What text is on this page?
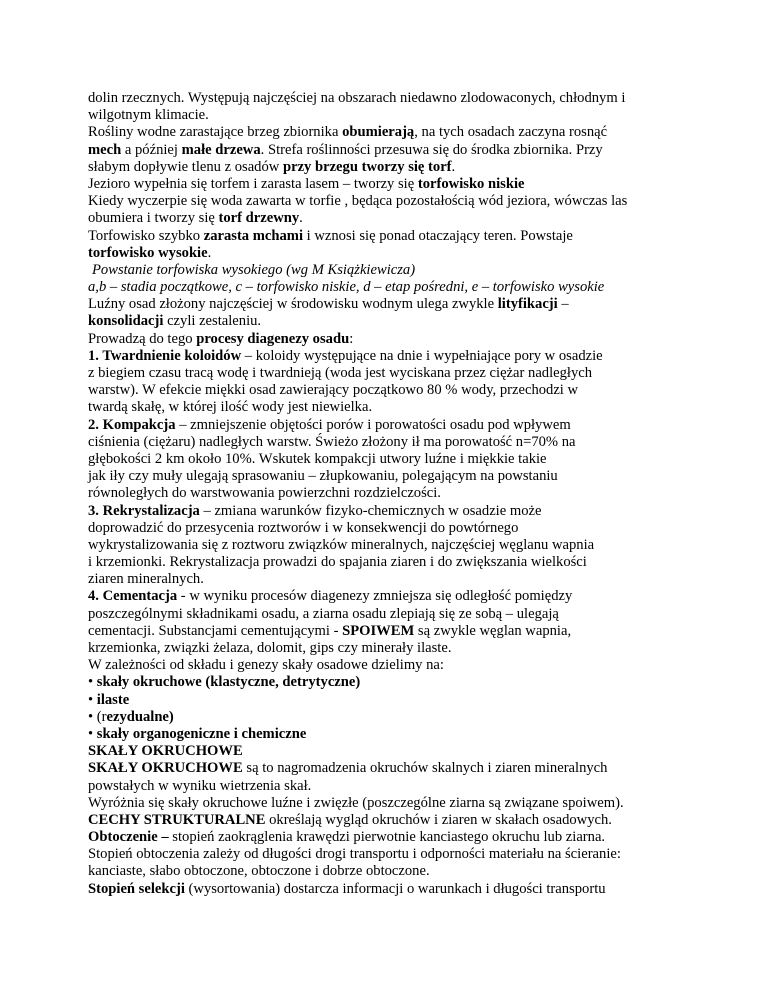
dolin rzecznych. Występują najczęściej na obszarach niedawno zlodowaconych, chłodnym i
wilgotnym klimacie.
Rośliny wodne zarastające brzeg zbiornika obumierają, na tych osadach zaczyna rosnąć
mech a później małe drzewa. Strefa roślinności przesuwa się do środka zbiornika. Przy
słabym dopływie tlenu z osadów przy brzegu tworzy się torf.
Jezioro wypełnia się torfem i zarasta lasem – tworzy się torfowisko niskie
Kiedy wyczerpie się woda zawarta w torfie , będąca pozostałością wód jeziora, wówczas las
obumiera i tworzy się torf drzewny.
Torfowisko szybko zarasta mchami i wznosi się ponad otaczający teren. Powstaje
torfowisko wysokie.
Powstanie torfowiska wysokiego (wg M Książkiewicza)
a,b – stadia początkowe, c – torfowisko niskie, d – etap pośredni, e – torfowisko wysokie
Luźny osad złożony najczęściej w środowisku wodnym ulega zwykle lityfikacji –
konsolidacji czyli zestaleniu.
Prowadzą do tego procesy diagenezy osadu:
1. Twardnienie koloidów – koloidy występujące na dnie i wypełniające pory w osadzie
z biegiem czasu tracą wodę i twardnieją (woda jest wyciskana przez ciężar nadległych
warstw). W efekcie miękki osad zawierający początkowo 80 % wody, przechodzi w
twardą skałę, w której ilość wody jest niewielka.
2. Kompakcja – zmniejszenie objętości porów i porowatości osadu pod wpływem
ciśnienia (ciężaru) nadległych warstw. Świeżo złożony ił ma porowatość n=70% na
głębokości 2 km około 10%. Wskutek kompakcji utwory luźne i miękkie takie
jak iły czy muły ulegają sprasowaniu – złupkowaniu, polegającym na powstaniu
równoległych do warstwowania powierzchni rozdzielczości.
3. Rekrystalizacja – zmiana warunków fizyko-chemicznych w osadzie może
doprowadzić do przesycenia roztworów i w konsekwencji do powtórnego
wykrystalizowania się z roztworu związków mineralnych, najczęściej węglanu wapnia
i krzemionki. Rekrystalizacja prowadzi do spajania ziaren i do zwiększania wielkości
ziaren mineralnych.
4. Cementacja - w wyniku procesów diagenezy zmniejsza się odległość pomiędzy
poszczególnymi składnikami osadu, a ziarna osadu zlepiają się ze sobą – ulegają
cementacji. Substancjami cementującymi - SPOIWEM są zwykle węglan wapnia,
krzemionka, związki żelaza, dolomit, gips czy minerały ilaste.
W zależności od składu i genezy skały osadowe dzielimy na:
• skały okruchowe (klastyczne, detrytyczne)
• ilaste
• (rezydualne)
• skały organogeniczne i chemiczne
SKAŁY OKRUCHOWE
SKAŁY OKRUCHOWE są to nagromadzenia okruchów skalnych i ziaren mineralnych
powstałych w wyniku wietrzenia skał.
Wyróżnia się skały okruchowe luźne i zwięzłe (poszczególne ziarna są związane spoiwem).
CECHY STRUKTURALNE określają wygląd okruchów i ziaren w skałach osadowych.
Obtoczenie – stopień zaokrąglenia krawędzi pierwotnie kanciastego okruchu lub ziarna.
Stopień obtoczenia zależy od długości drogi transportu i odporności materiału na ścieranie:
kanciaste, słabo obtoczone, obtoczone i dobrze obtoczone.
Stopień selekcji (wysortowania) dostarcza informacji o warunkach i długości transportu
